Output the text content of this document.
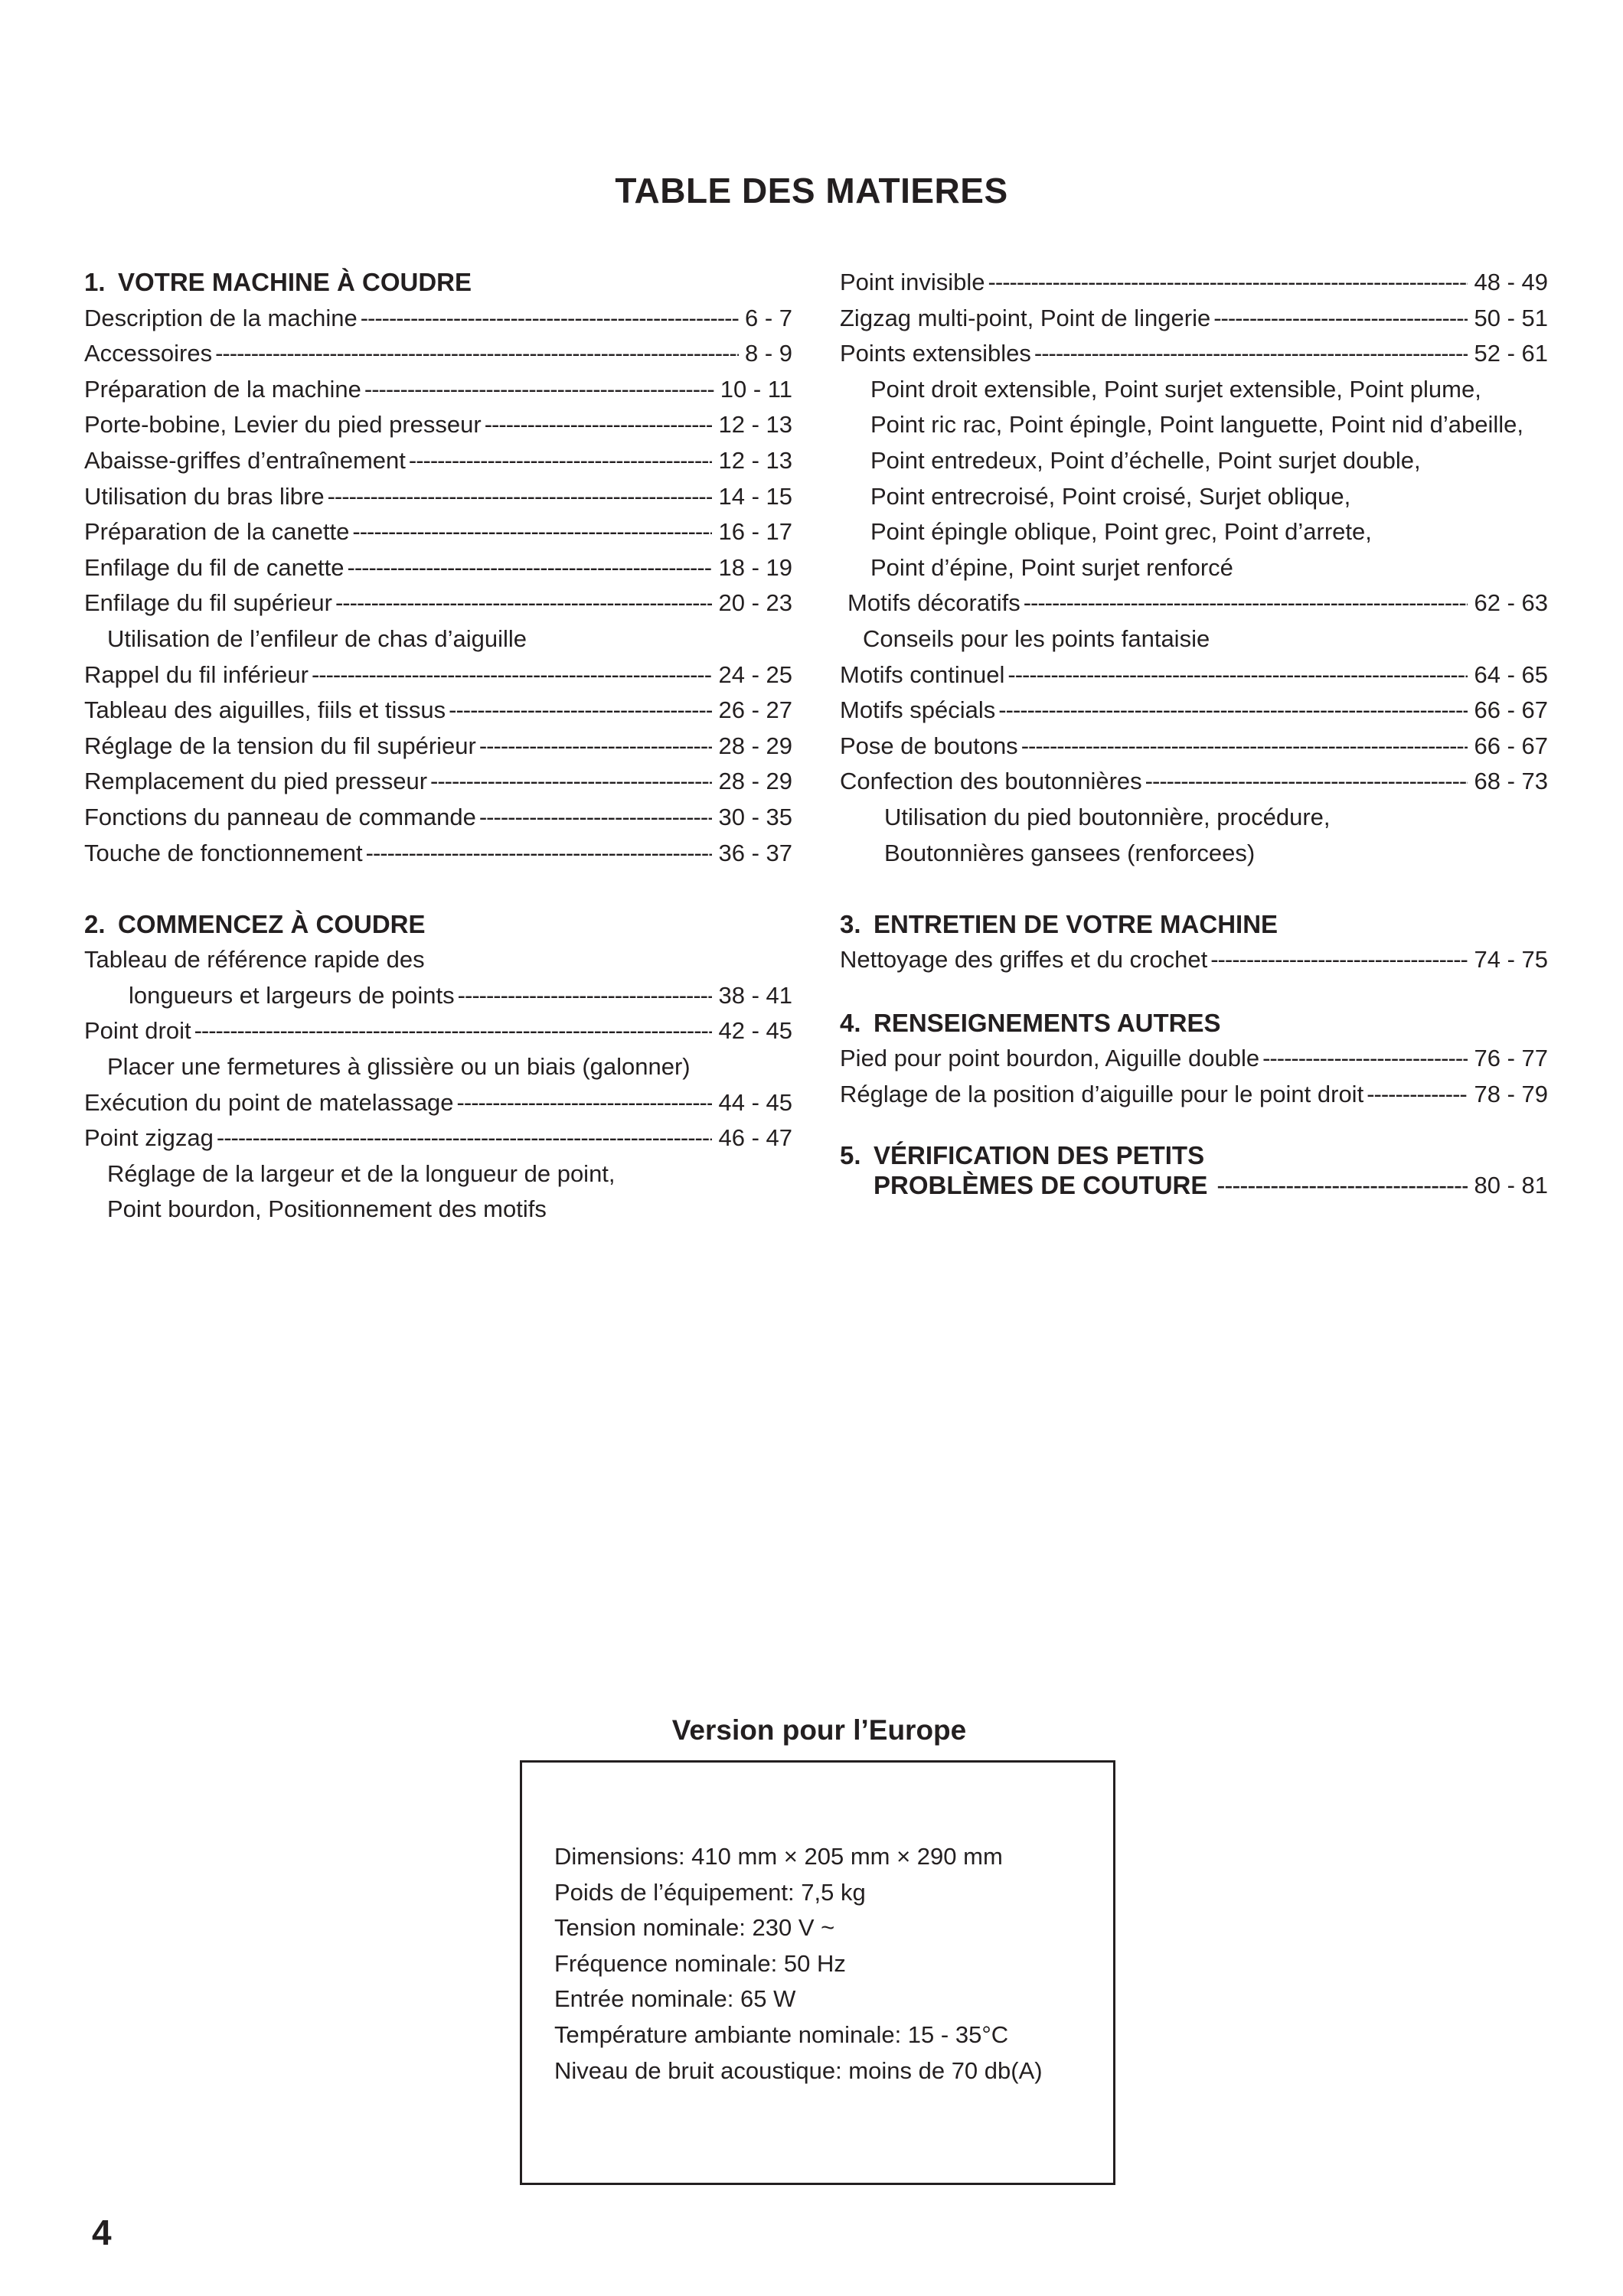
TABLE DES MATIERES
1. VOTRE MACHINE À COUDRE
Description de la machine -----	6 - 7
Accessoires -----	8 - 9
Préparation de la machine -----	10 - 11
Porte-bobine, Levier du pied presseur -----	12 - 13
Abaisse-griffes d’entraînement -----	12 - 13
Utilisation du bras libre -----	14 - 15
Préparation de la canette -----	16 - 17
Enfilage du fil de canette -----	18 - 19
Enfilage du fil supérieur -----	20 - 23
Utilisation de l’enfileur de chas d’aiguille
Rappel du fil inférieur -----	24 - 25
Tableau des aiguilles, fiils et tissus -----	26 - 27
Réglage de la tension du fil supérieur -----	28 - 29
Remplacement du pied presseur -----	28 - 29
Fonctions du panneau de commande -----	30 - 35
Touche de fonctionnement -----	36 - 37
2. COMMENCEZ À COUDRE
Tableau de référence rapide des
longueurs et largeurs de points -----	38 - 41
Point droit -----	42 - 45
Placer une fermetures à glissière ou un biais (galonner)
Exécution du point de matelassage -----	44 - 45
Point zigzag -----	46 - 47
Réglage de la largeur et de la longueur de point,
Point bourdon, Positionnement des motifs
Point invisible -----	48 - 49
Zigzag multi-point, Point de lingerie -----	50 - 51
Points extensibles -----	52 - 61
Point droit extensible, Point surjet extensible, Point plume,
Point ric rac, Point épingle, Point languette, Point nid d’abeille,
Point entredeux, Point d’échelle, Point surjet double,
Point entrecroisé, Point croisé, Surjet oblique,
Point épingle oblique, Point grec, Point d’arrete,
Point d’épine, Point surjet renforcé
Motifs décoratifs -----	62 - 63
Conseils pour les points fantaisie
Motifs continuel -----	64 - 65
Motifs spécials -----	66 - 67
Pose de boutons -----	66 - 67
Confection des boutonnières -----	68 - 73
Utilisation du pied boutonnière, procédure,
Boutonnières gansees (renforcees)
3. ENTRETIEN DE VOTRE MACHINE
Nettoyage des griffes et du crochet -----	74 - 75
4. RENSEIGNEMENTS AUTRES
Pied pour point bourdon, Aiguille double -----	76 - 77
Réglage de la position d’aiguille pour le point droit -----	78 - 79
5. VÉRIFICATION DES PETITS
PROBLÈMES DE COUTURE -----	80 - 81
Version pour l’Europe
Dimensions: 410 mm × 205 mm × 290 mm
Poids de l’équipement: 7,5 kg
Tension nominale: 230 V ~
Fréquence nominale: 50 Hz
Entrée nominale: 65 W
Température ambiante nominale: 15 - 35°C
Niveau de bruit acoustique: moins de 70 db(A)
4
